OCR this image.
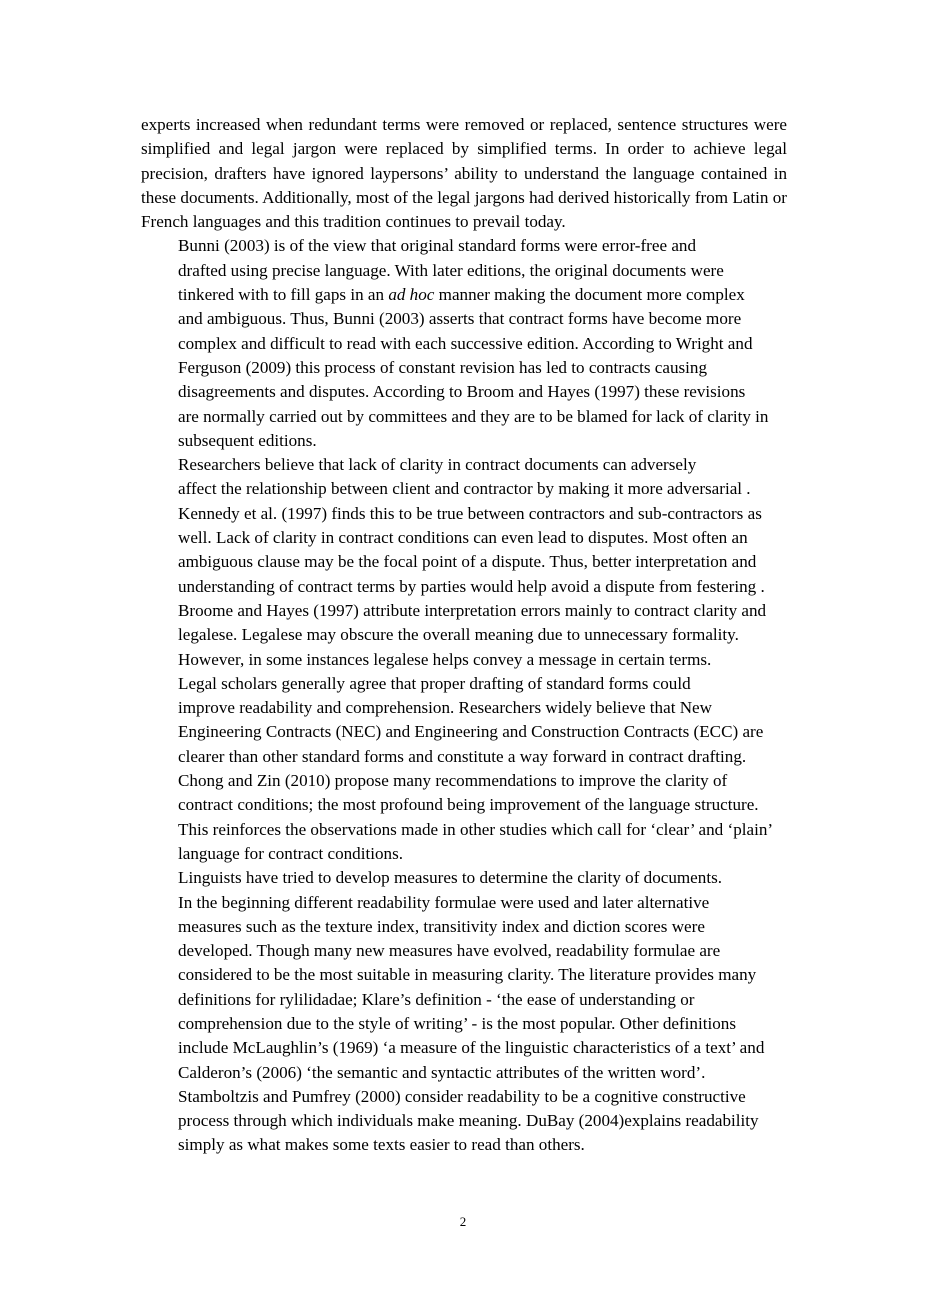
experts increased when redundant terms were removed or replaced, sentence structures were simplified and legal jargon were replaced by simplified terms. In order to achieve legal precision, drafters have ignored laypersons’ ability to understand the language contained in these documents. Additionally, most of the legal jargons had derived historically from Latin or French languages and this tradition continues to prevail today.

Bunni (2003) is of the view that original standard forms were error-free and
drafted using precise language. With later editions, the original documents were
tinkered with to fill gaps in an ad hoc manner making the document more complex
and ambiguous. Thus, Bunni (2003) asserts that contract forms have become more
complex and difficult to read with each successive edition. According to Wright and
Ferguson (2009) this process of constant revision has led to contracts causing
disagreements and disputes. According to Broom and Hayes (1997) these revisions
are normally carried out by committees and they are to be blamed for lack of clarity in
subsequent editions.

Researchers believe that lack of clarity in contract documents can adversely
affect the relationship between client and contractor by making it more adversarial .
Kennedy et al. (1997) finds this to be true between contractors and sub-contractors as
well. Lack of clarity in contract conditions can even lead to disputes. Most often an
ambiguous clause may be the focal point of a dispute. Thus, better interpretation and
understanding of contract terms by parties would help avoid a dispute from festering .
Broome and Hayes (1997) attribute interpretation errors mainly to contract clarity and
legalese. Legalese may obscure the overall meaning due to unnecessary formality.
However, in some instances legalese helps convey a message in certain terms.

Legal scholars generally agree that proper drafting of standard forms could
improve readability and comprehension. Researchers widely believe that New
Engineering Contracts (NEC) and Engineering and Construction Contracts (ECC) are
clearer than other standard forms and constitute a way forward in contract drafting.
Chong and Zin (2010) propose many recommendations to improve the clarity of
contract conditions; the most profound being improvement of the language structure.
This reinforces the observations made in other studies which call for ‘clear’ and ‘plain’
language for contract conditions.

Linguists have tried to develop measures to determine the clarity of documents.
In the beginning different readability formulae were used and later alternative
measures such as the texture index, transitivity index and diction scores were
developed. Though many new measures have evolved, readability formulae are
considered to be the most suitable in measuring clarity. The literature provides many
definitions for rylilidadae; Klare’s definition - ‘the ease of understanding or
comprehension due to the style of writing’ - is the most popular. Other definitions
include McLaughlin’s (1969) ‘a measure of the linguistic characteristics of a text’ and
Calderon’s (2006) ‘the semantic and syntactic attributes of the written word’.
Stamboltzis and Pumfrey (2000) consider readability to be a cognitive constructive
process through which individuals make meaning. DuBay (2004)explains readability
simply as what makes some texts easier to read than others.

2
